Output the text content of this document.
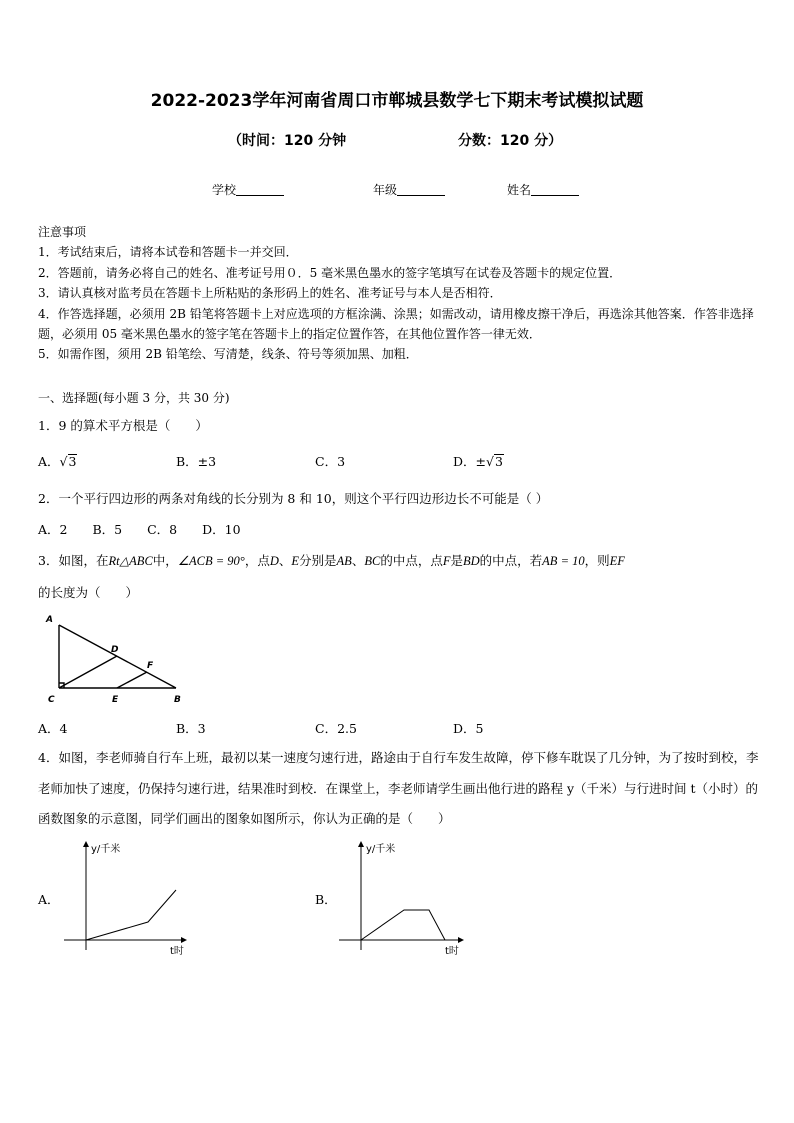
2022-2023学年河南省周口市郸城县数学七下期末考试模拟试题
（时间：120 分钟	分数：120 分）
学校	年级	姓名
注意事项
1．考试结束后，请将本试卷和答题卡一并交回．
2．答题前，请务必将自己的姓名、准考证号用０．5 毫米黑色墨水的签字笔填写在试卷及答题卡的规定位置．
3．请认真核对监考员在答题卡上所粘贴的条形码上的姓名、准考证号与本人是否相符．
4．作答选择题，必须用 2B 铅笔将答题卡上对应选项的方框涂满、涂黑；如需改动，请用橡皮擦干净后，再选涂其他答案．作答非选择题，必须用 05 毫米黑色墨水的签字笔在答题卡上的指定位置作答，在其他位置作答一律无效．
5．如需作图，须用 2B 铅笔绘、写清楚，线条、符号等须加黑、加粗．
一、选择题(每小题 3 分，共 30 分)
1．9 的算术平方根是（　　）
A．√3	B．±3	C．3	D．±√3
2．一个平行四边形的两条对角线的长分别为 8 和 10，则这个平行四边形边长不可能是（ ）
A．2　　B．5　　C．8　　D．10
3．如图，在Rt△ABC中，∠ACB = 90°，点D、E分别是AB、BC的中点，点F是BD的中点，若AB = 10，则EF
的长度为（　　）
A
D
F
C	E	B
A．4	B．3	C．2.5	D．5
4．如图，李老师骑自行车上班，最初以某一速度匀速行进，路途由于自行车发生故障，停下修车耽误了几分钟，为了按时到校，李老师加快了速度，仍保持匀速行进，结果准时到校．在课堂上，李老师请学生画出他行进的路程 y（千米）与行进时间 t（小时）的函数图象的示意图，同学们画出的图象如图所示，你认为正确的是（　　）
A．
y/千米
t时
B．
y/千米
t时
